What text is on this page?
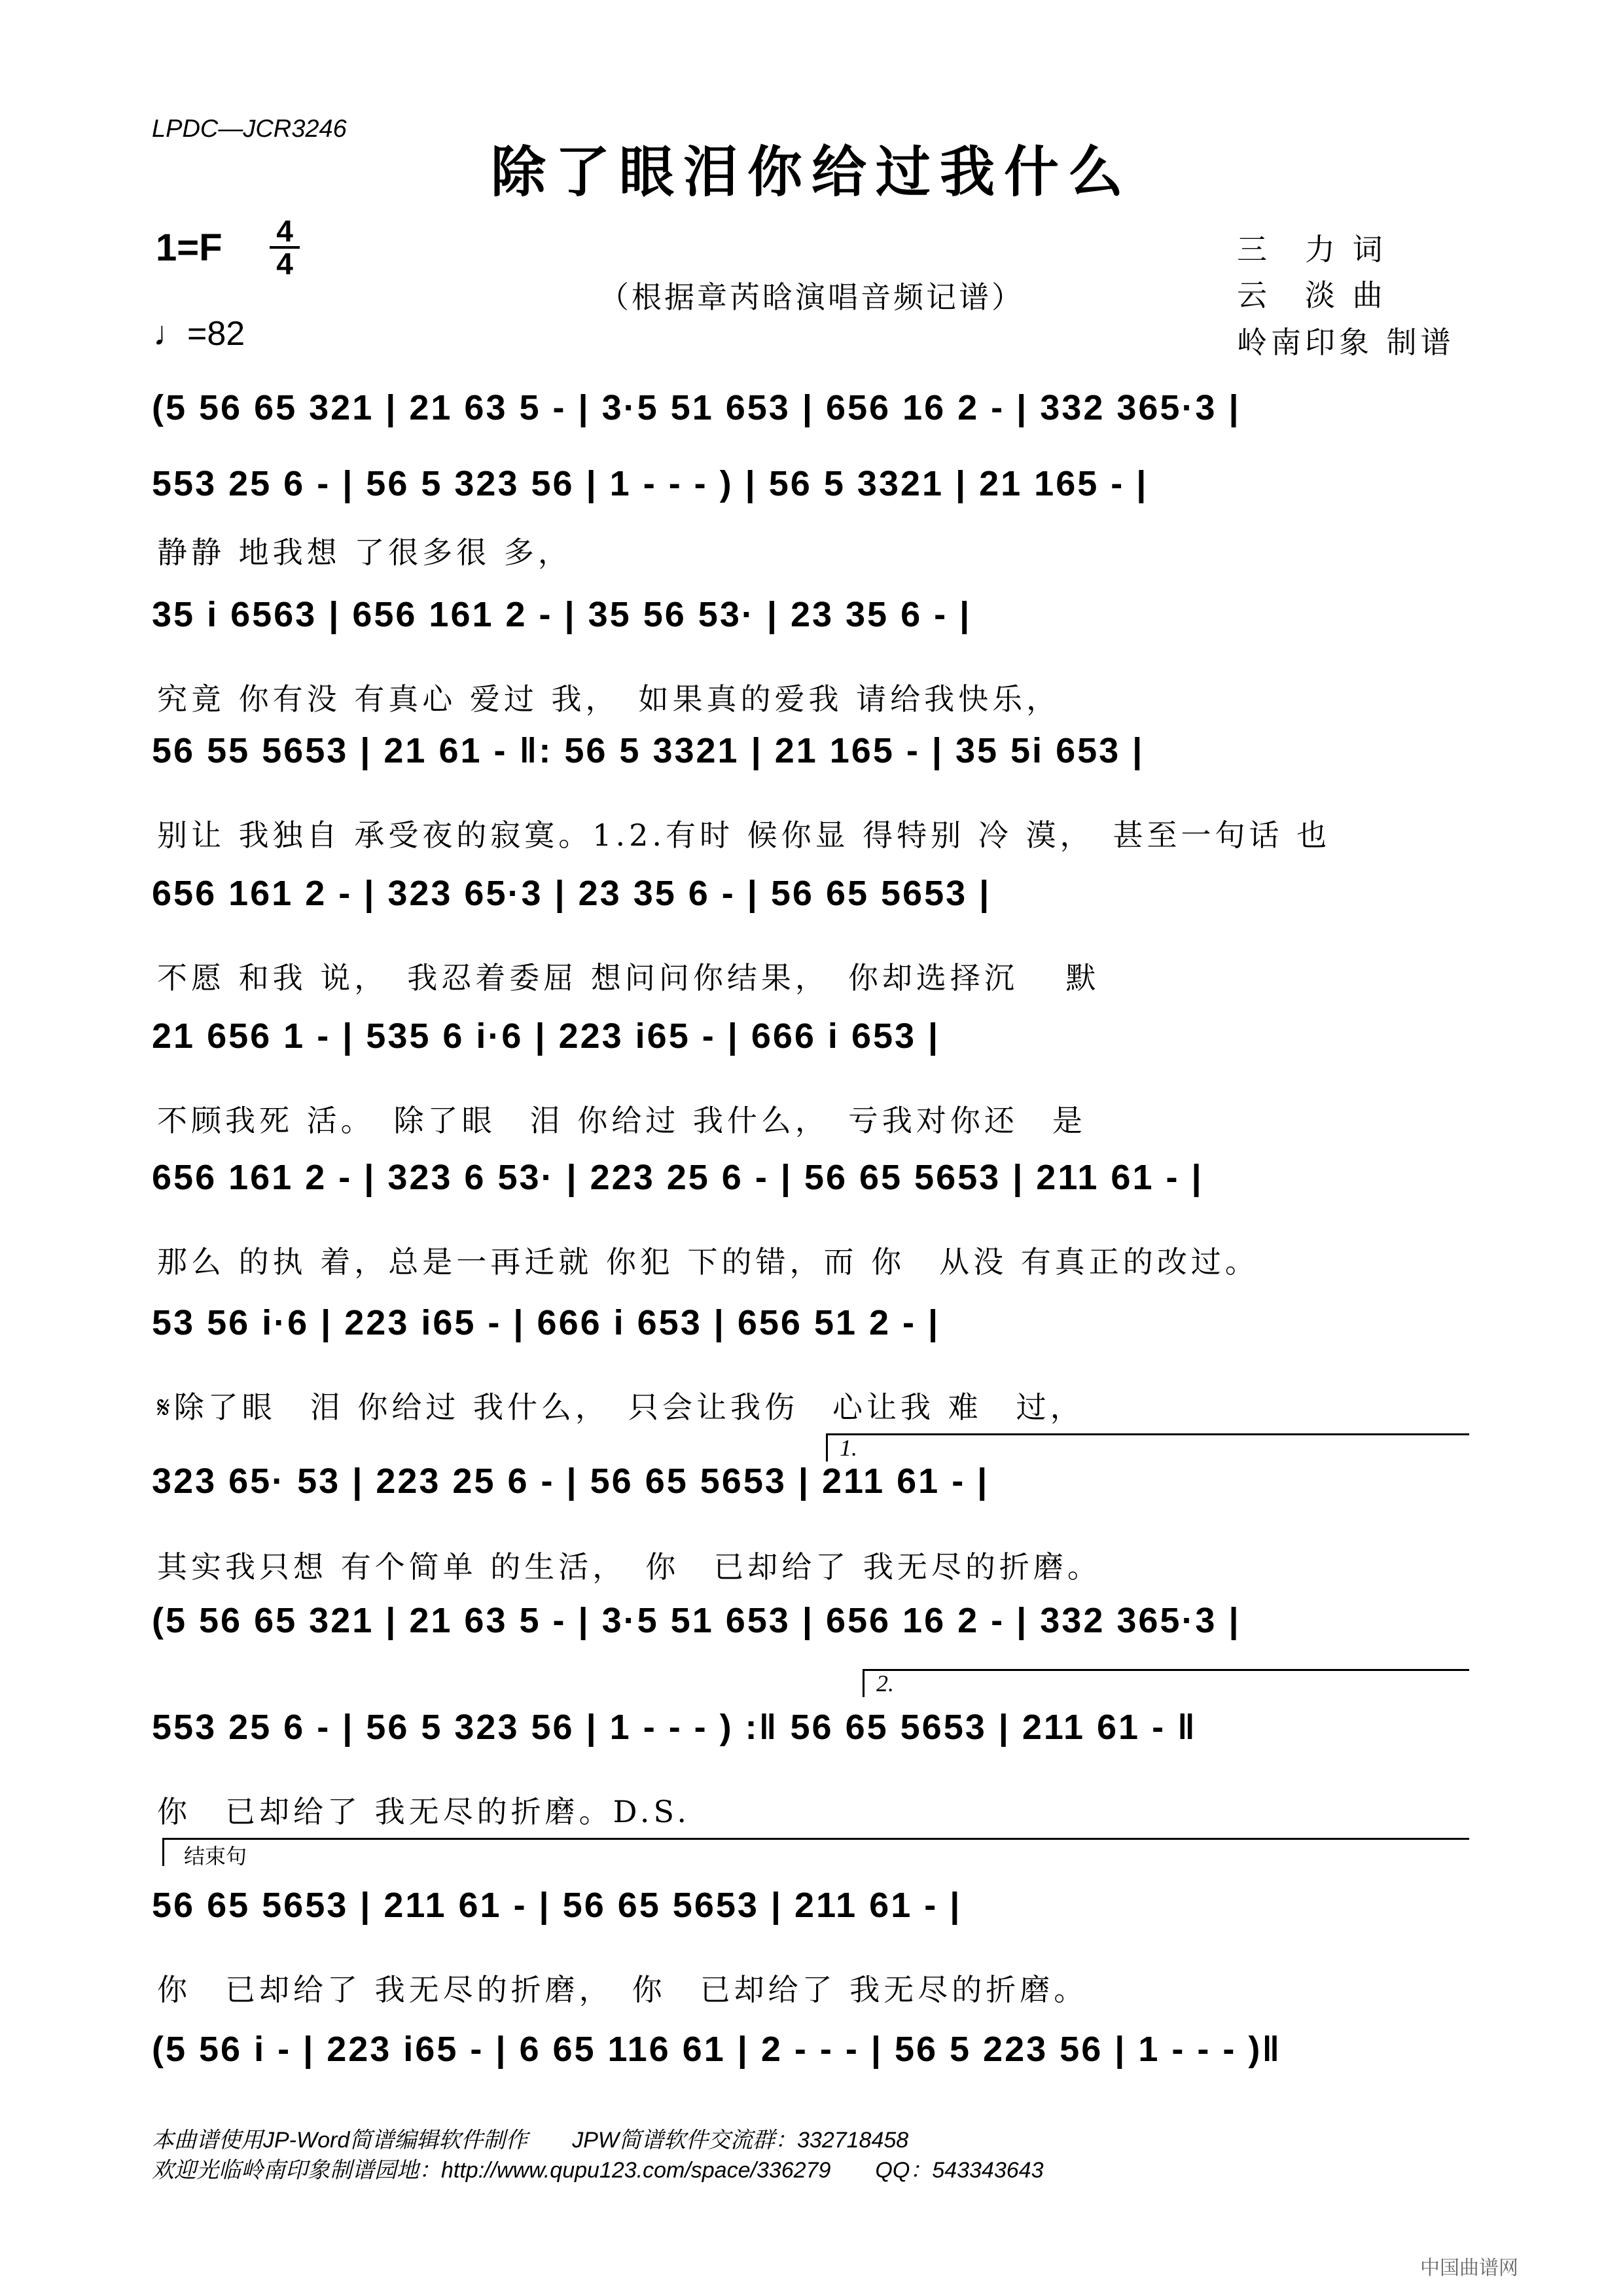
LPDC—JCR3246
除了眼泪你给过我什么
1=F 4
4
♩=82
（根据章芮晗演唱音频记谱）
三　力 词
云　淡 曲
岭南印象 制谱
(5 56 65 321 | 21 63 5 - | 3·5 51 653 | 656 16 2 - | 332 365·3 |
553 25 6 - | 56 5 323 56 | 1 - - - ) | 56 5 3321 | 21 165 - |
静静 地我想 了很多很 多，
35 i 6563 | 656 161 2 - | 35 56 53· | 23 35 6 - |
究竟 你有没 有真心 爱过 我，　如果真的爱我 请给我快乐，
56 55 5653 | 21 61 - ‖: 56 5 3321 | 21 165 - | 35 5i 653 |
别让 我独自 承受夜的寂寞。1.2.有时 候你显 得特别 冷 漠，　甚至一句话 也
656 161 2 - | 323 65·3 | 23 35 6 - | 56 65 5653 |
不愿 和我 说，　我忍着委屈 想问问你结果，　你却选择沉　 默
21 656 1 - | 535 6 i·6 | 223 i65 - | 666 i 653 |
不顾我死 活。　除了眼　泪 你给过 我什么，　亏我对你还　是
656 161 2 - | 323 6 53· | 223 25 6 - | 56 65 5653 | 211 61 - |
那么 的执 着，总是一再迁就 你犯 下的错，而 你　从没 有真正的改过。
53 56 i·6 | 223 i65 - | 666 i 653 | 656 51 2 - |
𝄋除了眼　泪 你给过 我什么，　只会让我伤　心让我 难　过，
323 65· 53 | 223 25 6 - | 56 65 5653 | 211 61 - |
其实我只想 有个简单 的生活，　你　已却给了 我无尽的折磨。
(5 56 65 321 | 21 63 5 - | 3·5 51 653 | 656 16 2 - | 332 365·3 |
553 25 6 - | 56 5 323 56 | 1 - - - ) :‖ 56 65 5653 | 211 61 - ‖
你　已却给了 我无尽的折磨。D.S.
56 65 5653 | 211 61 - | 56 65 5653 | 211 61 - |
你　已却给了 我无尽的折磨，　你　已却给了 我无尽的折磨。
(5 56 i - | 223 i65 - | 6 65 116 61 | 2 - - - | 56 5 223 56 | 1 - - - )‖
1.
2.
结束句
本曲谱使用JP-Word简谱编辑软件制作　　JPW简谱软件交流群：332718458
欢迎光临岭南印象制谱园地：http://www.qupu123.com/space/336279　　QQ：543343643
中国曲谱网
